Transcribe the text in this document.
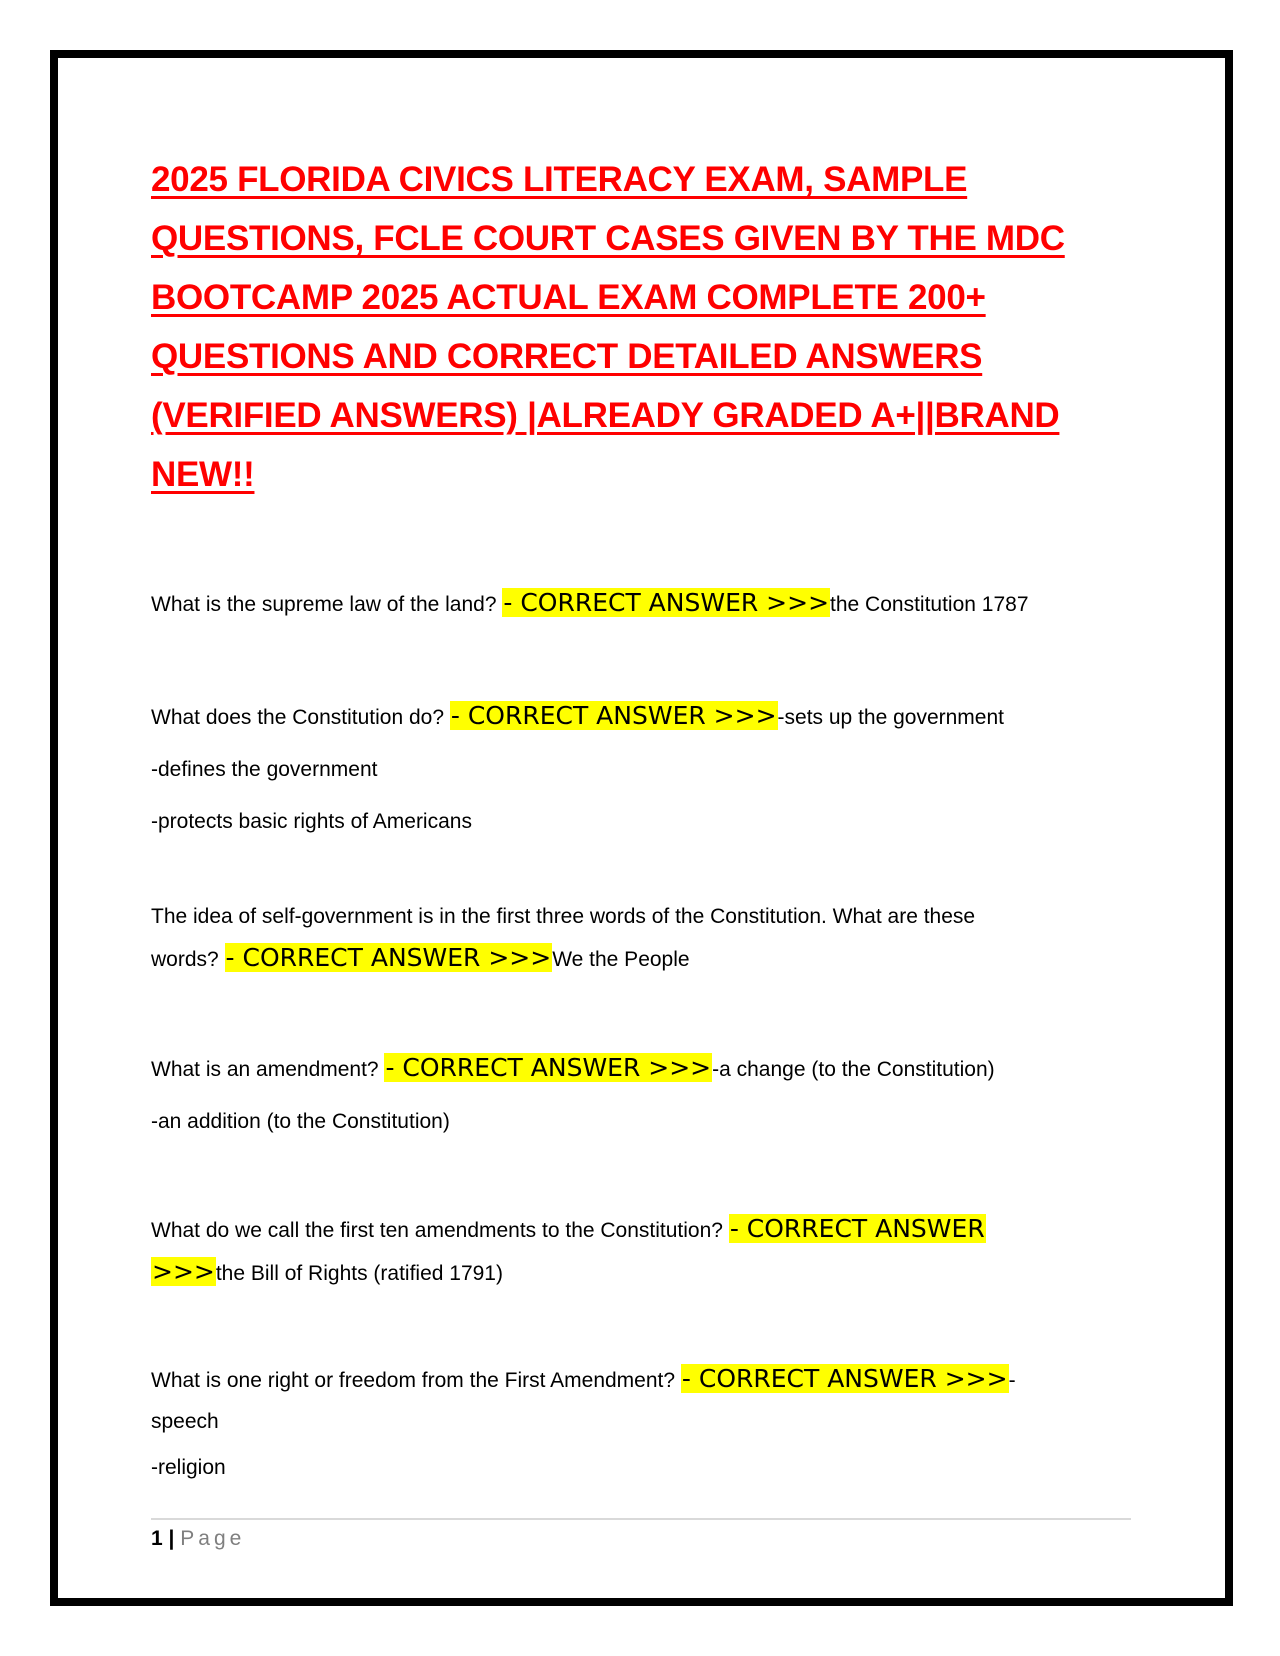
2025 FLORIDA CIVICS LITERACY EXAM, SAMPLE
QUESTIONS, FCLE COURT CASES GIVEN BY THE MDC
BOOTCAMP 2025 ACTUAL EXAM COMPLETE 200+
QUESTIONS AND CORRECT DETAILED ANSWERS
(VERIFIED ANSWERS) |ALREADY GRADED A+||BRAND
NEW!!

What is the supreme law of the land? - CORRECT ANSWER >>>the Constitution 1787

What does the Constitution do? - CORRECT ANSWER >>>-sets up the government

-defines the government

-protects basic rights of Americans

The idea of self-government is in the first three words of the Constitution. What are these

words? - CORRECT ANSWER >>>We the People

What is an amendment? - CORRECT ANSWER >>>-a change (to the Constitution)

-an addition (to the Constitution)

What do we call the first ten amendments to the Constitution? - CORRECT ANSWER

>>>the Bill of Rights (ratified 1791)

What is one right or freedom from the First Amendment? - CORRECT ANSWER >>>-

speech

-religion

1 | Page
